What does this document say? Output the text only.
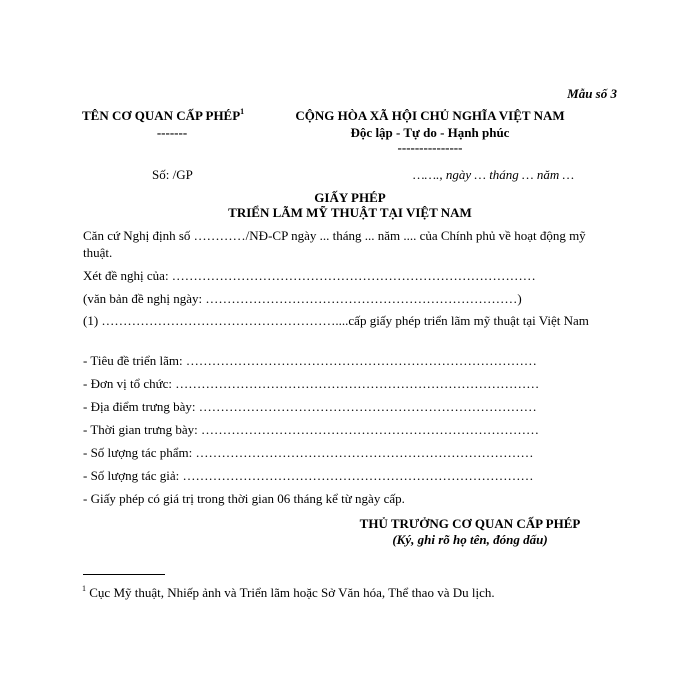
Mẫu số 3
TÊN CƠ QUAN CẤP PHÉP$^1$
-------
CỘNG HÒA XÃ HỘI CHỦ NGHĨA VIỆT NAM
Độc lập - Tự do - Hạnh phúc
---------------
Số: /GP	……., ngày … tháng … năm …
GIẤY PHÉP
TRIỂN LÃM MỸ THUẬT TẠI VIỆT NAM
Căn cứ Nghị định số …………/NĐ-CP ngày ... tháng ... năm .... của Chính phủ về hoạt động mỹ thuật.
Xét đề nghị của: …………………………………………………………………………
(văn bản đề nghị ngày: ………………………………………………………………)
(1) ………………………………………………....cấp giấy phép triển lãm mỹ thuật tại Việt Nam
- Tiêu đề triển lãm: ………………………………………………………………………
- Đơn vị tổ chức: …………………………………………………………………………
- Địa điểm trưng bày: ……………………………………………………………………
- Thời gian trưng bày: ……………………………………………………………………
- Số lượng tác phẩm: ……………………………………………………………………
- Số lượng tác giả: ………………………………………………………………………
- Giấy phép có giá trị trong thời gian 06 tháng kể từ ngày cấp.
THỦ TRƯỞNG CƠ QUAN CẤP PHÉP
(Ký, ghi rõ họ tên, đóng dấu)
$^1$ Cục Mỹ thuật, Nhiếp ảnh và Triển lãm hoặc Sở Văn hóa, Thể thao và Du lịch.
